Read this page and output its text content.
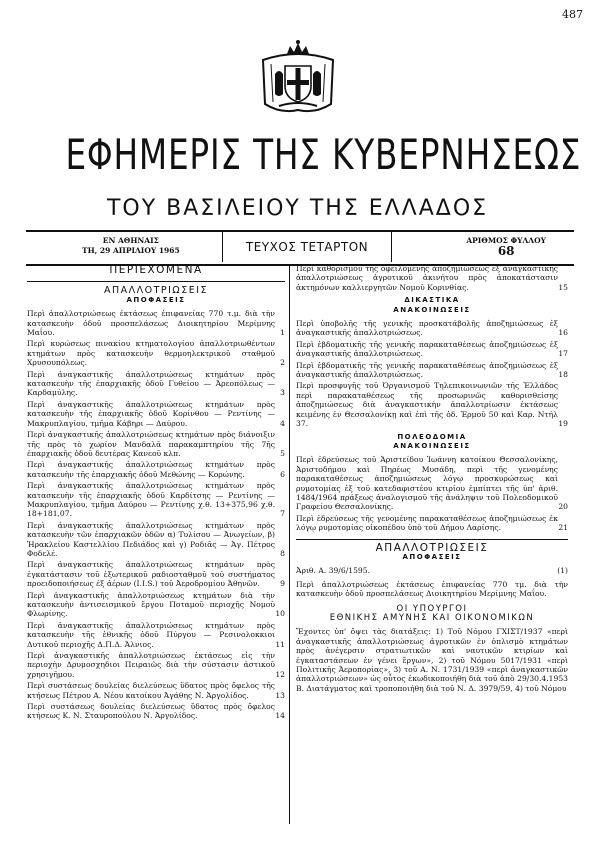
487
ΕΦΗΜΕΡΙΣ ΤΗΣ ΚΥΒΕΡΝΗΣΕΩΣ
ΤΟΥ ΒΑΣΙΛΕΙΟΥ ΤΗΣ ΕΛΛΑΔΟΣ
ΕΝ ΑΘΗΝΑΙΣ
ΤΗ, 29 ΑΠΡΙΛΙΟΥ 1965	ΤΕΥΧΟΣ ΤΕΤΑΡΤΟΝ	ΑΡΙΘΜΟΣ ΦΥΛΛΟΥ
68
ΠΕΡΙΕΧΟΜΕΝΑ
ΑΠΑΛΛΟΤΡΙΩΣΕΙΣ
ΑΠΟΦΑΣΕΙΣ
Περὶ ἀπαλλοτριώσεως ἐκτάσεως ἐπιφανείας 770 τ.μ. διὰ τὴν κατασκευὴν ὁδοῦ προσπελάσεως Διοικητηρίου Μερίμνης Μαΐου.	1
Περὶ κυρώσεως πινακίου κτηματολογίου ἀπαλλοτριωθέντων κτημάτων πρὸς κατασκευὴν θερμοηλεκτρικοῦ σταθμοῦ Χρυσουπόλεως.	2
Περὶ ἀναγκαστικῆς ἀπαλλοτριώσεως κτημάτων πρὸς κατασκευὴν τῆς ἐπαρχιακῆς ὁδοῦ Γυθείου — Ἀρεοπόλεως — Καρδαμύλης.	3
Περὶ ἀναγκαστικῆς ἀπαλλοτριώσεως κτημάτων πρὸς κατασκευὴν τῆς ἐπαρχιακῆς ὁδοῦ Κορίνθου — Ρεντίνης — Μακρυπλαγίου, τμῆμα Κάβηρι — Δαύρου.	4
Περὶ ἀναγκαστικῆς ἀπαλλοτριώσεως κτημάτων πρὸς διάνοιξιν τῆς πρὸς τὸ χωρίον Μανδαλᾶ παρακαμπτηρίου τῆς 7ῆς ἐπαρχιακῆς ὁδοῦ δευτέρας Κανεοῦ κλπ.	5
Περὶ ἀναγκαστικῆς ἀπαλλοτριώσεως κτημάτων πρὸς κατασκευὴν τῆς ἐπαρχιακῆς ὁδοῦ Μεθώνης — Κορώνης.	6
Περὶ ἀναγκαστικῆς ἀπαλλοτριώσεως κτημάτων πρὸς κατασκευὴν τῆς ἐπαρχιακῆς ὁδοῦ Καρδίτσης — Ρεντίνης — Μακρυπλαγίου, τμῆμα Δαύρου — Ρεντίνης χ.θ. 13+375,96 χ.θ. 18+181,07.	7
Περὶ ἀναγκαστικῆς ἀπαλλοτριώσεως κτημάτων πρὸς κατασκευὴν τῶν ἐπαρχιακῶν ὁδῶν α) Τυλίσου — Ἀνωγείων, β) Ἡρακλείου Καστελλίου Πεδιάδος καὶ γ) Ροδιᾶς — Ἁγ. Πέτρος Φοδελέ.	8
Περὶ ἀναγκαστικῆς ἀπαλλοτριώσεως κτημάτων πρὸς ἐγκατάστασιν τοῦ ἐξωτερικοῦ ραδιοσταθμοῦ τοῦ συστήματος προειδοποιήσεως ἐξ ἀέρων (I.I.S.) τοῦ Ἀεροδρομίου Ἀθηνῶν.	9
Περὶ ἀναγκαστικῆς ἀπαλλοτριώσεως κτημάτων διὰ τὴν κατασκευὴν ἀντισεισμικοῦ ἔργου Ποταμοῦ περιοχῆς Νομοῦ Φλωρίνης.	10
Περὶ ἀναγκαστικῆς ἀπαλλοτριώσεως κτημάτων πρὸς κατασκευὴν τῆς ἐθνικῆς ὁδοῦ Πύργου — Ρεσινολοκκιοι Δυτικοῦ περιοχῆς Δ.Π.Δ. Ἀλνιος.	11
Περὶ ἀναγκαστικῆς ἀπαλλοτριώσεως ἐκτάσεως εἰς τὴν περιοχὴν Δρυμοσχηδιοι Πειραιῶς διὰ τὴν σύστασιν ἀστικοῦ χρησιγῆμου.	12
Περὶ συστάσεως δουλείας διελεύσεως ὕδατος πρὸς ὄφελος τῆς κτήσεως Πέτρου Α. Νέου κατοίκου Ἀγάθης Ν. Ἀργολίδος.	13
Περὶ συστάσεως δουλείας διελεύσεως ὕδατος πρὸς ὄφελος κτήσεως Κ. Ν. Σταυροπούλου Ν. Ἀργολίδος.	14
Περὶ καθορισμοῦ τῆς ὀφειλομένης ἀποζημιώσεως ἐξ ἀναγκαστικῆς ἀπαλλοτριώσεως ἀγροτικοῦ ἀκινήτου πρὸς ἀποκατάστασιν ἀκτημόνων καλλιεργητῶν Νομοῦ Κορινθίας.	15
ΔΙΚΑΣΤΙΚΑ
ΑΝΑΚΟΙΝΩΣΕΙΣ
Περὶ ὑποβολῆς τῆς γενικῆς προσκατάβολῆς ἀποζημιώσεως ἐξ ἀναγκαστικῆς ἀπαλλοτριώσεως.	16
Περὶ ἑβδοματικῆς τῆς γενικῆς παρακαταθέσεως ἀποζημιώσεως ἐξ ἀναγκαστικῆς ἀπαλλοτριώσεως.	17
Περὶ ἑβδοματικῆς τῆς γενικῆς παρακαταθέσεως ἀποζημιώσεως ἐξ ἀναγκαστικῆς ἀπαλλοτριώσεως.	18
Περὶ προσφυγῆς τοῦ Ὀργανισμοῦ Τηλεπικοινωνιῶν τῆς Ἑλλάδος περὶ παρακαταθέσεως τῆς προσωρινῶς καθορισθείσης ἀποζημιώσεως διὰ ἀναγκαστικὴν ἀπαλλοτρίωσιν ἐκτάσεως κειμένης ἐν Θεσσαλονίκῃ καὶ ἐπὶ τῆς ὁδ. Ἐρμοῦ 50 καὶ Καρ. Ντήλ 37.	19
ΠΟΛΕΟΔΟΜΙΑ
ΑΝΑΚΟΙΝΩΣΕΙΣ
Περὶ ἐδρεύσεως τοῦ Ἀριστείδου Ἰωάννη κατοίκου Θεσσαλονίκης, Ἀριστοδήμου καὶ Πηρέως Μυσάδη, περὶ τῆς γενομένης παρακαταθέσεως ἀποζημιώσεως λόγῳ προσκυρώσεως καὶ ρυμοτομίας ἐξ τοῦ κατεδαφιστέου κτιρίου ἐμπίπτει τῆς ὑπ' ἀριθ. 1484/1964 πράξεως ἀναλογισμοῦ τῆς ἀνάληψιν τοῦ Πολεοδομικοῦ Γραφείου Θεσσαλονίκης.	20
Περὶ ἐδρεύσεως τῆς γενομένης παρακαταθέσεως ἀποζημιώσεως ἐκ λόγῳ ρυμοτομίας οἰκοπέδου ὑπὸ τοῦ Δήμου Λαρίσης.	21
ΑΠΑΛΛΟΤΡΙΩΣΕΙΣ
ΑΠΟΦΑΣΕΙΣ
Ἀριθ. Α. 39/6/1595.	(1)
Περὶ ἀπαλλοτριώσεως ἐκτάσεως ἐπιφανείας 770 τμ. διὰ τὴν κατασκευὴν ὁδοῦ προσπελάσεως Διοικητηρίου Μερίμνης Μαΐου.
ΟΙ ΥΠΟΥΡΓΟΙ
ΕΘΝΙΚΗΣ ΑΜΥΝΗΣ ΚΑΙ ΟΙΚΟΝΟΜΙΚΩΝ
Ἔχοντες ὑπ' ὄψει τὰς διατάξεις: 1) Τοῦ Νόμου ΓΧΙΣΤ/1937 «περὶ ἀναγκαστικῆς ἀπαλλοτριώσεως ἀγροτικῶν ἐν ὁπλισμὸ κτημάτων πρὸς ἀνέγερσιν στρατιωτικῶν καὶ ναυτικῶν κτιρίων καὶ ἐγκαταστάσεων ἐν γένει ἔργων», 2) τοῦ Νόμου 5017/1931 «περὶ Πολιτικῆς Ἀεροπορίας», 3) τοῦ Α. Ν. 1731/1939 «περὶ ἀναγκαστικῶν ἀπαλλοτριώσεων» ὡς οὗτος ἐκωδικοποιήθη διὰ τοῦ ἀπὸ 29/30.4.1953 Β. Διατάγματος καὶ τροποποιήθη διὰ τοῦ Ν. Δ. 3979/59, 4) τοῦ Νόμου
